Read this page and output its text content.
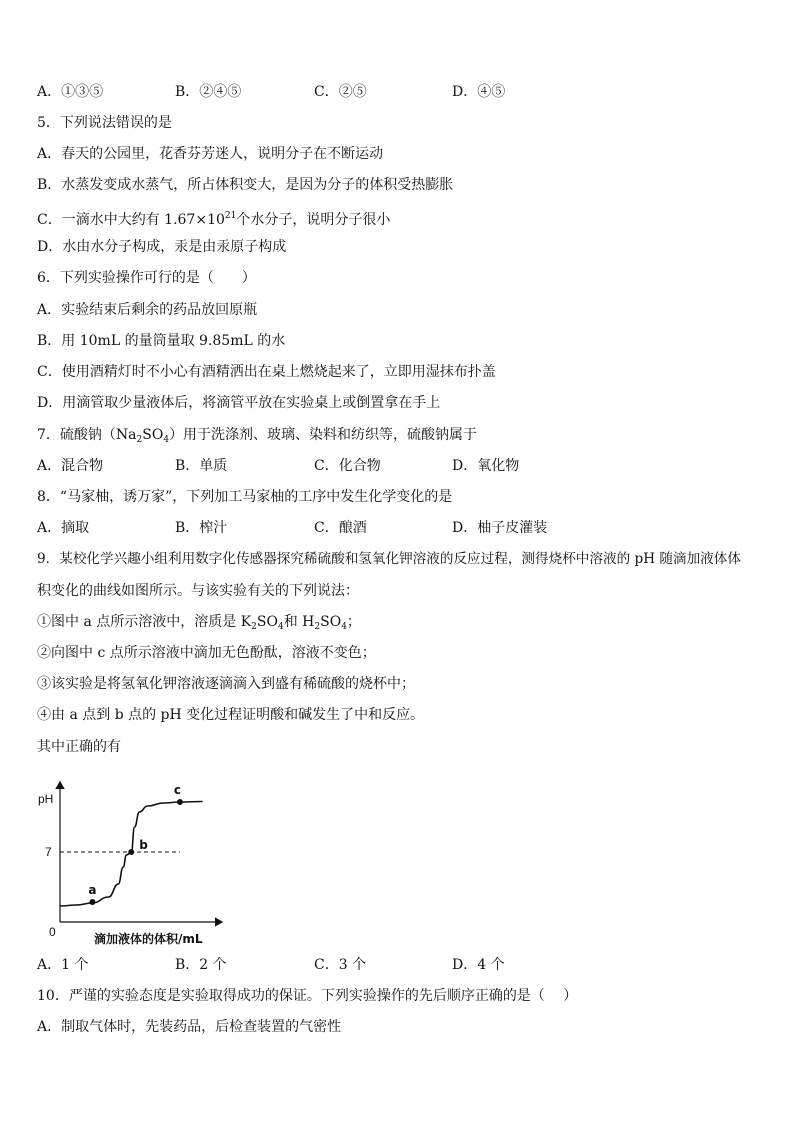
A．①③⑤	B．②④⑤	C．②⑤	D．④⑤
5．下列说法错误的是
A．春天的公园里，花香芬芳迷人，说明分子在不断运动
B．水蒸发变成水蒸气，所占体积变大，是因为分子的体积受热膨胀
C．一滴水中大约有 $1.67\times 10^{21}$个水分子，说明分子很小
D．水由水分子构成，汞是由汞原子构成
6．下列实验操作可行的是（　　）
A．实验结束后剩余的药品放回原瓶
B．用 10mL 的量筒量取 9.85mL 的水
C．使用酒精灯时不小心有酒精洒出在桌上燃烧起来了，立即用湿抹布扑盖
D．用滴管取少量液体后，将滴管平放在实验桌上或倒置拿在手上
7．硫酸钠$(Na_2SO_4)$用于洗涤剂、玻璃、染料和纺织等，硫酸钠属于
A．混合物	B．单质	C．化合物	D．氧化物
8．“马家柚，诱万家”，下列加工马家柚的工序中发生化学变化的是
A．摘取	B．榨汁	C．酿酒	D．柚子皮灌装
9．某校化学兴趣小组利用数字化传感器探究稀硫酸和氢氧化钾溶液的反应过程，测得烧杯中溶液的 pH 随滴加液体体
积变化的曲线如图所示。与该实验有关的下列说法：
①图中 a 点所示溶液中，溶质是 $K_2SO_4$和 $H_2SO_4$；
②向图中 c 点所示溶液中滴加无色酚酞，溶液不变色；
③该实验是将氢氧化钾溶液逐滴滴入到盛有稀硫酸的烧杯中；
④由 a 点到 b 点的 pH 变化过程证明酸和碱发生了中和反应。
其中正确的有
pH
0	滴加液体的体积/mL
7
a
b
c
A．1 个	B．2 个	C．3 个	D．4 个
10．严谨的实验态度是实验取得成功的保证。下列实验操作的先后顺序正确的是（　 ）
A．制取气体时，先装药品，后检查装置的气密性
